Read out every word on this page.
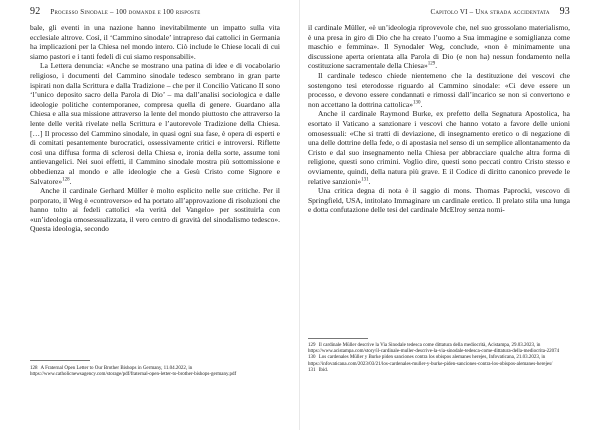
92 Processo Sinodale – 100 domande e 100 risposte

bale, gli eventi in una nazione hanno inevitabilmente un impatto sulla vita ecclesiale altrove. Così, il ‘Cammino sinodale’ intrapreso dai cattolici in Germania ha implicazioni per la Chiesa nel mondo intero. Ciò include le Chiese locali di cui siamo pastori e i tanti fedeli di cui siamo responsabili».

La Lettera denuncia: «Anche se mostrano una patina di idee e di vocabolario religioso, i documenti del Cammino sinodale tedesco sembrano in gran parte ispirati non dalla Scrittura e dalla Tradizione – che per il Concilio Vaticano II sono ‘l’unico deposito sacro della Parola di Dio’ – ma dall’analisi sociologica e dalle ideologie politiche contemporanee, compresa quella di genere. Guardano alla Chiesa e alla sua missione attraverso la lente del mondo piuttosto che attraverso la lente delle verità rivelate nella Scrittura e l’autorevole Tradizione della Chiesa. […] Il processo del Cammino sinodale, in quasi ogni sua fase, è opera di esperti e di comitati pesantemente burocratici, ossessivamente critici e introversi. Riflette così una diffusa forma di sclerosi della Chiesa e, ironia della sorte, assume toni antievangelici. Nei suoi effetti, il Cammino sinodale mostra più sottomissione e obbedienza al mondo e alle ideologie che a Gesù Cristo come Signore e Salvatore»$^{128}$.

Anche il cardinale Gerhard Müller è molto esplicito nelle sue critiche. Per il porporato, il Weg è «controverso» ed ha portato all’approvazione di risoluzioni che hanno tolto ai fedeli cattolici «la verità del Vangelo» per sostituirla con «un’ideologia omosessualizzata, il vero centro di gravità del sinodalismo tedesco». Questa ideologia, secondo

128 A Fraternal Open Letter to Our Brother Bishops in Germany, 11.04.2022, in https://www.catholicnewsagency.com/storage/pdf/fraternal-open-letter-to-brother-bishops-germany.pdf
Capitolo VI – Una strada accidentata 93

il cardinale Müller, «è un’ideologia riprovevole che, nel suo grossolano materialismo, è una presa in giro di Dio che ha creato l’uomo a Sua immagine e somiglianza come maschio e femmina». Il Synodaler Weg, conclude, «non è minimamente una discussione aperta orientata alla Parola di Dio (e non ha) nessun fondamento nella costituzione sacramentale della Chiesa»$^{129}$.

Il cardinale tedesco chiede nientemeno che la destituzione dei vescovi che sostengono tesi eterodosse riguardo al Cammino sinodale: «Ci deve essere un processo, e devono essere condannati e rimossi dall’incarico se non si convertono e non accettano la dottrina cattolica»$^{130}$.

Anche il cardinale Raymond Burke, ex prefetto della Segnatura Apostolica, ha esortato il Vaticano a sanzionare i vescovi che hanno votato a favore delle unioni omosessuali: «Che si tratti di deviazione, di insegnamento eretico o di negazione di una delle dottrine della fede, o di apostasia nel senso di un semplice allontanamento da Cristo e dal suo insegnamento nella Chiesa per abbracciare qualche altra forma di religione, questi sono crimini. Voglio dire, questi sono peccati contro Cristo stesso e ovviamente, quindi, della natura più grave. E il Codice di diritto canonico prevede le relative sanzioni»$^{131}$.

Una critica degna di nota è il saggio di mons. Thomas Paprocki, vescovo di Springfield, USA, intitolato Immaginare un cardinale eretico. Il prelato stila una lunga e dotta confutazione delle tesi del cardinale McElroy senza nomi-

129 Il cardinale Müller descrive la Via Sinodale tedesca come dittatura della mediocrità, Acistampa, 29.03.2023, in https://www.acistampa.com/story/il-cardinale-muller-descrive-la-via-sinodale-tedesca-come-dittatura-della-mediocrita-22074
130 Los cardenales Müller y Burke piden sanciones contra los obispos alemanes herejes, Infovaticana, 21.03.2023, in https://infovaticana.com/2023/03/21/los-cardenales-muller-y-burke-piden-sanciones-contra-los-obispos-alemanes-herejes/
131 Ibid.
